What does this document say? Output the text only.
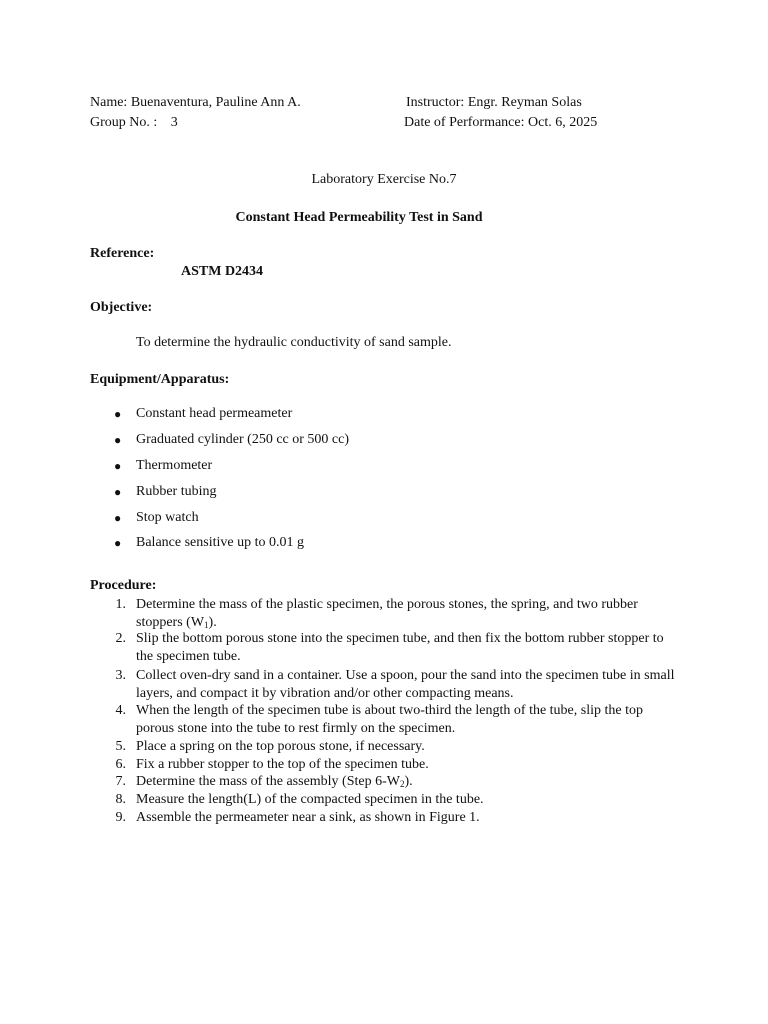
Name: Buenaventura, Pauline Ann A.
Group No. : 3
Instructor: Engr. Reyman Solas
Date of Performance: Oct. 6, 2025
Laboratory Exercise No.7
Constant Head Permeability Test in Sand
Reference:
ASTM D2434
Objective:
To determine the hydraulic conductivity of sand sample.
Equipment/Apparatus:
● Constant head permeameter
● Graduated cylinder (250 cc or 500 cc)
● Thermometer
● Rubber tubing
● Stop watch
● Balance sensitive up to 0.01 g
Procedure:
1. Determine the mass of the plastic specimen, the porous stones, the spring, and two rubber stoppers $(W_1)$.
2. Slip the bottom porous stone into the specimen tube, and then fix the bottom rubber stopper to the specimen tube.
3. Collect oven-dry sand in a container. Use a spoon, pour the sand into the specimen tube in small layers, and compact it by vibration and/or other compacting means.
4. When the length of the specimen tube is about two-third the length of the tube, slip the top porous stone into the tube to rest firmly on the specimen.
5. Place a spring on the top porous stone, if necessary.
6. Fix a rubber stopper to the top of the specimen tube.
7. Determine the mass of the assembly (Step $6-W_2$).
8. Measure the length(L) of the compacted specimen in the tube.
9. Assemble the permeameter near a sink, as shown in Figure 1.
